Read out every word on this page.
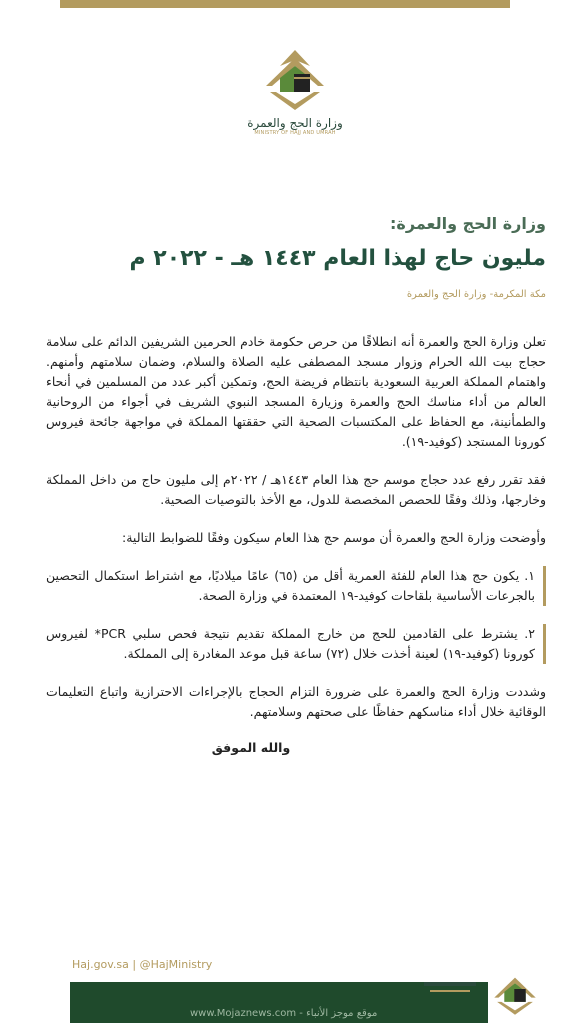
وزارة الحج والعمرة
MINISTRY OF HAJJ AND UMRAH

وزارة الحج والعمرة:

مليون حاج لهذا العام ١٤٤٣ هـ - ٢٠٢٢ م

مكة المكرمة- وزارة الحج والعمرة

تعلن وزارة الحج والعمرة أنه انطلاقًا من حرص حكومة خادم الحرمين الشريفين الدائم على سلامة حجاج بيت الله الحرام وزوار مسجد المصطفى عليه الصلاة والسلام، وضمان سلامتهم وأمنهم. واهتمام المملكة العربية السعودية بانتظام فريضة الحج، وتمكين أكبر عدد من المسلمين في أنحاء العالم من أداء مناسك الحج والعمرة وزيارة المسجد النبوي الشريف في أجواء من الروحانية والطمأنينة، مع الحفاظ على المكتسبات الصحية التي حققتها المملكة في مواجهة جائحة فيروس كورونا المستجد (كوفيد-١٩).

فقد تقرر رفع عدد حجاج موسم حج هذا العام ١٤٤٣هـ / ٢٠٢٢م إلى مليون حاج من داخل المملكة وخارجها، وذلك وفقًا للحصص المخصصة للدول، مع الأخذ بالتوصيات الصحية.

وأوضحت وزارة الحج والعمرة أن موسم حج هذا العام سيكون وفقًا للضوابط التالية:

١. يكون حج هذا العام للفئة العمرية أقل من (٦٥) عامًا ميلاديًا، مع اشتراط استكمال التحصين بالجرعات الأساسية بلقاحات كوفيد-١٩ المعتمدة في وزارة الصحة.
٢. يشترط على القادمين للحج من خارج المملكة تقديم نتيجة فحص سلبي PCR* لفيروس كورونا (كوفيد-١٩) لعينة أخذت خلال (٧٢) ساعة قبل موعد المغادرة إلى المملكة.

وشددت وزارة الحج والعمرة على ضرورة التزام الحجاج بالإجراءات الاحترازية واتباع التعليمات الوقائية خلال أداء مناسكهم حفاظًا على صحتهم وسلامتهم.

والله الموفق
Haj.gov.sa | @HajMinistry
www.Mojaznews.com - موقع موجز الأنباء
